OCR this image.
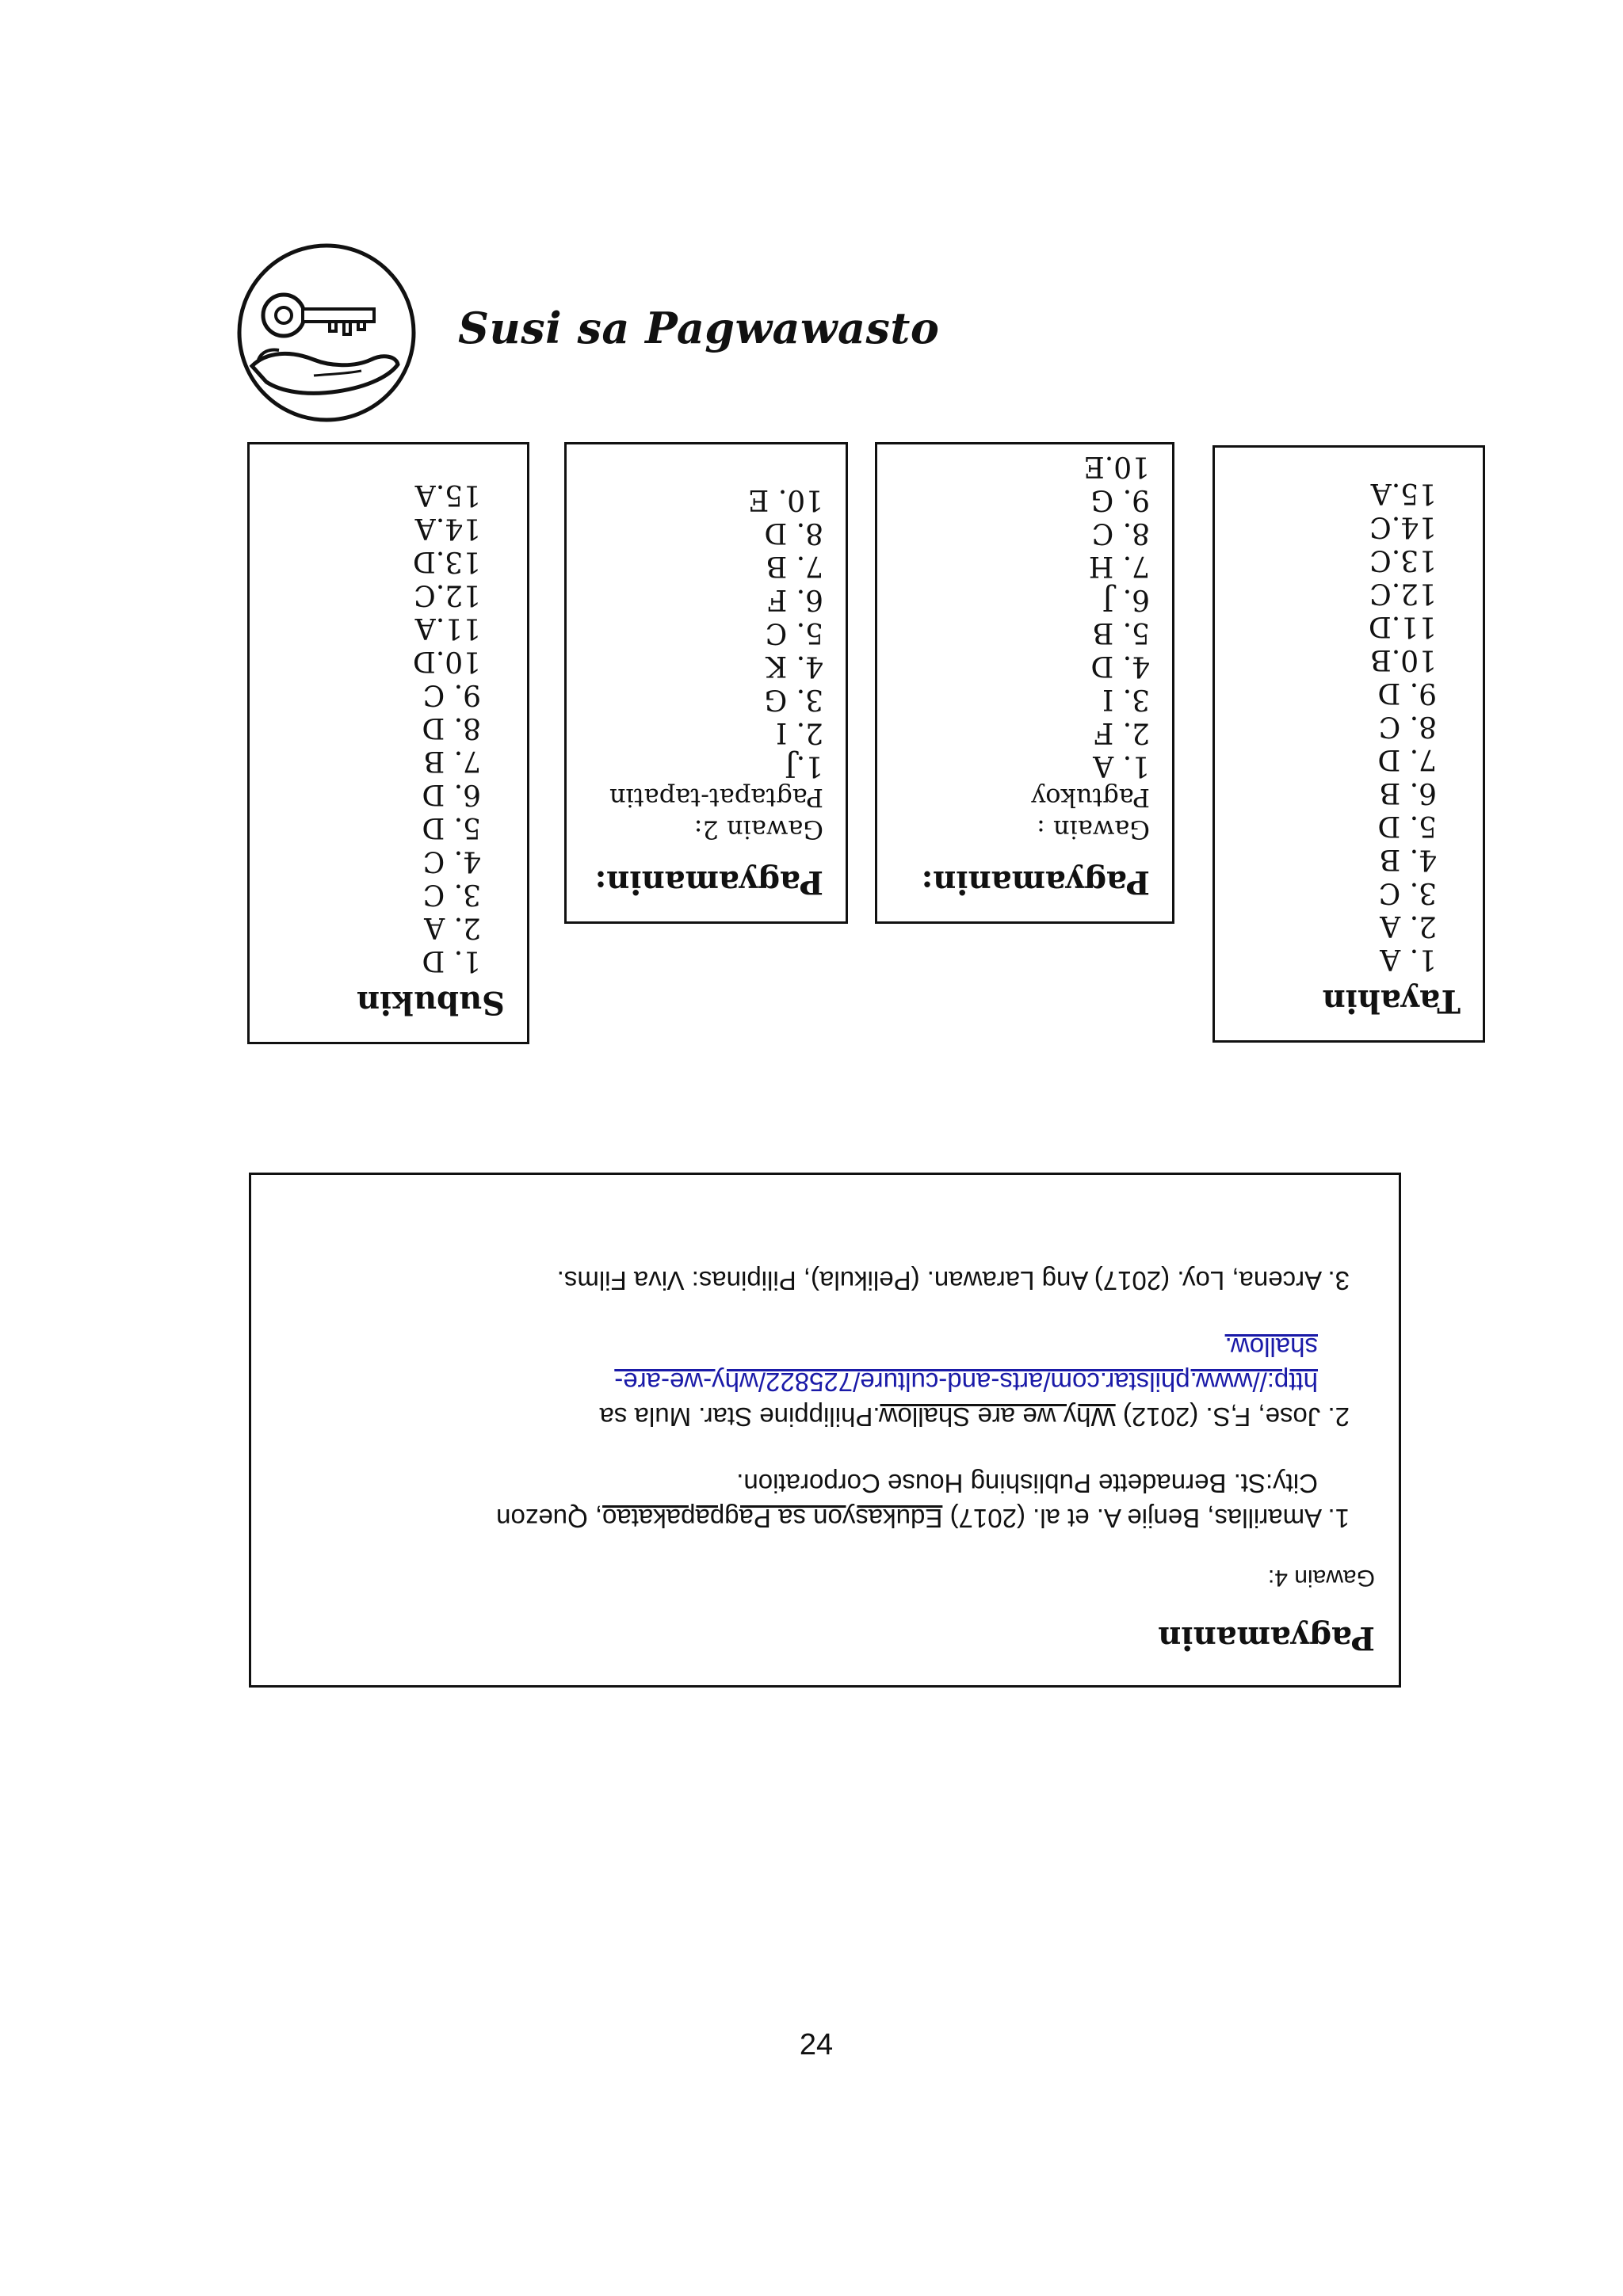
Susi sa Pagwawasto
Subukin
1. D
2. A
3. C
4. C
5. D
6. D
7. B
8. D
9. C
10.D
11.A
12.C
13.D
14.A
15.A
Pagyamanin:
Gawain 2:
Pagtapat-tapatin
1.J
2. I
3. G
4. K
5. C
6. F
7. B
8. D
10. E
Pagyamanin:
Gawain :
Pagtukoy
1. A
2. F
3. I
4. D
5. B
6. J
7. H
8. C
9. G
10.E
Tayahin
1. A
2. A
3. C
4. B
5. D
6. B
7. D
8. C
9. D
10.B
11.D
12.C
13.C
14.C
15.A
Pagyamanin
Gawain 4:
1. Amarillas, Benjie A. et al. (2017) Edukasyon sa Pagpapakatao, Quezon
City:St. Bernadette Publishing House Corporation.
2. Jose, F,S. (2012) Why we are Shallow.Philippine Star. Mula sa
http://www.philstar.com/arts-and-culture/725822/why-we-are-
shallow.
3. Arcena, Loy. (2017) Ang Larawan. (Pelikula), Pilipinas: Viva Films.
24
